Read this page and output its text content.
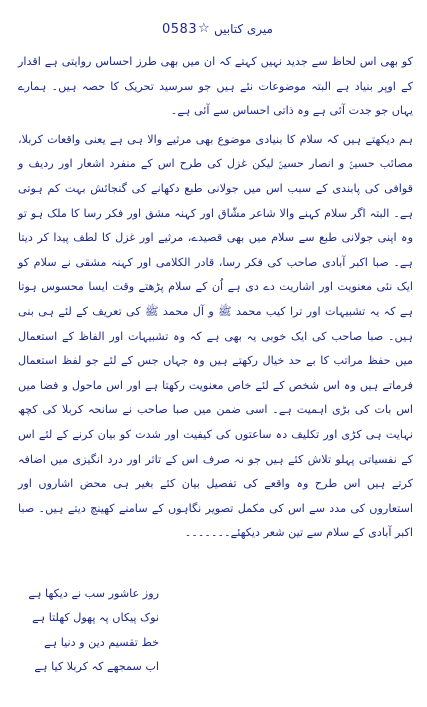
0583 ☆ میری کتابیں

کو بھی اس لحاظ سے جدید نہیں کہتے کہ ان میں بھی طرز احساس روایتی ہے اقدار کے اوپر بنیاد ہے البتہ موضوعات نئے ہیں جو سرسید تحریک کا حصہ ہیں۔ ہمارے یہاں جو جدت آئی ہے وہ ذاتی احساس سے آئی ہے۔

ہم دیکھتے ہیں کہ سلام کا بنیادی موضوع بھی مرثیے والا ہی ہے یعنی واقعات کربلا، مصائب حسینؑ و انصار حسینؑ لیکن غزل کی طرح اس کے منفرد اشعار اور ردیف و قوافی کی پابندی کے سبب اس میں جولانی طبع دکھانے کی گنجائش بہت کم ہوتی ہے۔ البتہ اگر سلام کہنے والا شاعر مشّاق اور کہنہ مشق اور فکر رسا کا ملک ہو تو وہ اپنی جولانی طبع سے سلام میں بھی قصیدے، مرثیے اور غزل کا لطف پیدا کر دیتا ہے۔ صبا اکبر آبادی صاحب کی فکر رسا، قادر الکلامی اور کہنہ مشقی نے سلام کو ایک نئی معنویت اور اشاریت دے دی ہے اُن کے سلام پڑھتے وقت ایسا محسوس ہوتا ہے کہ یہ تشبیہات اور ترا کیب محمد ﷺ و آل محمد ﷺ کی تعریف کے لئے ہی بنی ہیں۔ صبا صاحب کی ایک خوبی یہ بھی ہے کہ وہ تشبیہات اور الفاظ کے استعمال میں حفظ مراتب کا بے حد خیال رکھتے ہیں وہ جہاں جس کے لئے جو لفظ استعمال فرماتے ہیں وہ اس شخص کے لئے خاص معنویت رکھتا ہے اور اس ماحول و فضا میں اس بات کی بڑی اہمیت ہے۔ اسی ضمن میں صبا صاحب نے سانحہ کربلا کی کچھ نہایت ہی کڑی اور تکلیف دہ ساعتوں کی کیفیت اور شدت کو بیان کرنے کے لئے اس کے نفسیاتی پہلو تلاش کئے ہیں جو نہ صرف اس کے تاثر اور درد انگیزی میں اضافہ کرتے ہیں اس طرح وہ واقعے کی تفصیل بیان کئے بغیر ہی محض اشاروں اور استعاروں کی مدد سے اس کی مکمل تصویر نگاہوں کے سامنے کھینچ دیتے ہیں۔ صبا اکبر آبادی کے سلام سے تین شعر دیکھئے۔۔۔۔۔۔۔

روز عاشور سب نے دیکھا ہے
نوک پیکاں پہ پھول کھلتا ہے
خط تقسیم دین و دنیا ہے
اب سمجھے کہ کربلا کیا ہے
